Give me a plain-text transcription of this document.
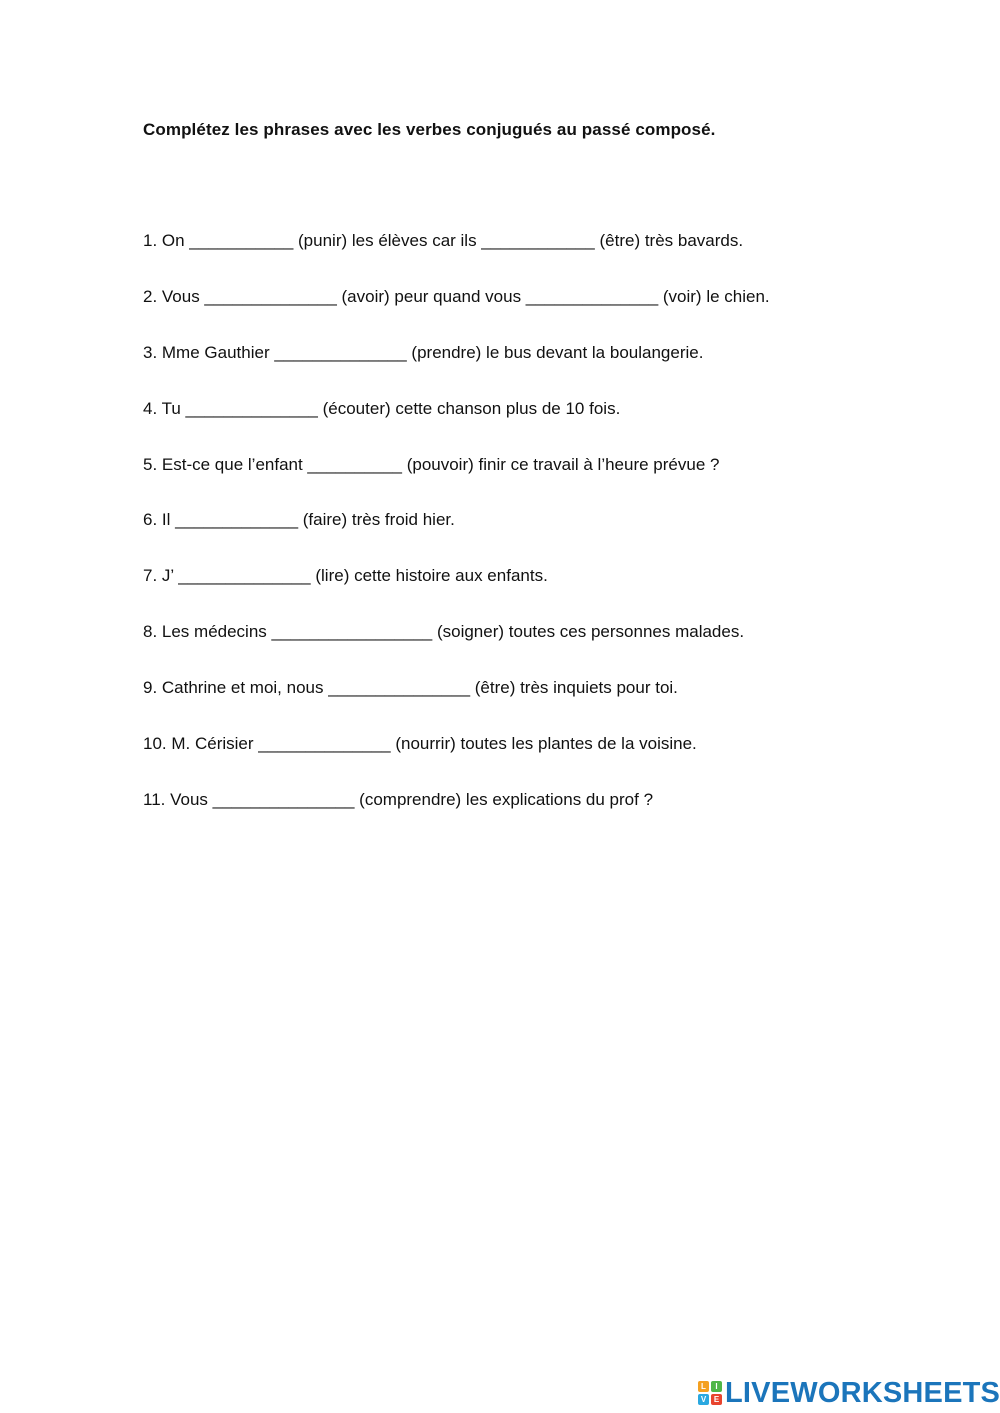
Complétez les phrases avec les verbes conjugués au passé composé.
1. On ___________ (punir) les élèves car ils ____________ (être) très bavards.
2. Vous ______________ (avoir) peur quand vous ______________ (voir) le chien.
3. Mme Gauthier ______________ (prendre) le bus devant la boulangerie.
4. Tu ______________ (écouter) cette chanson plus de 10 fois.
5. Est-ce que l’enfant __________ (pouvoir) finir ce travail à l’heure prévue ?
6. Il _____________ (faire) très froid hier.
7. J’ ______________ (lire) cette histoire aux enfants.
8. Les médecins _________________ (soigner) toutes ces personnes malades.
9. Cathrine et moi, nous _______________ (être) très inquiets pour toi.
10. M. Cérisier ______________ (nourrir) toutes les plantes de la voisine.
11. Vous _______________ (comprendre) les explications du prof ?
L	I
V E LIVEWORKSHEETS
